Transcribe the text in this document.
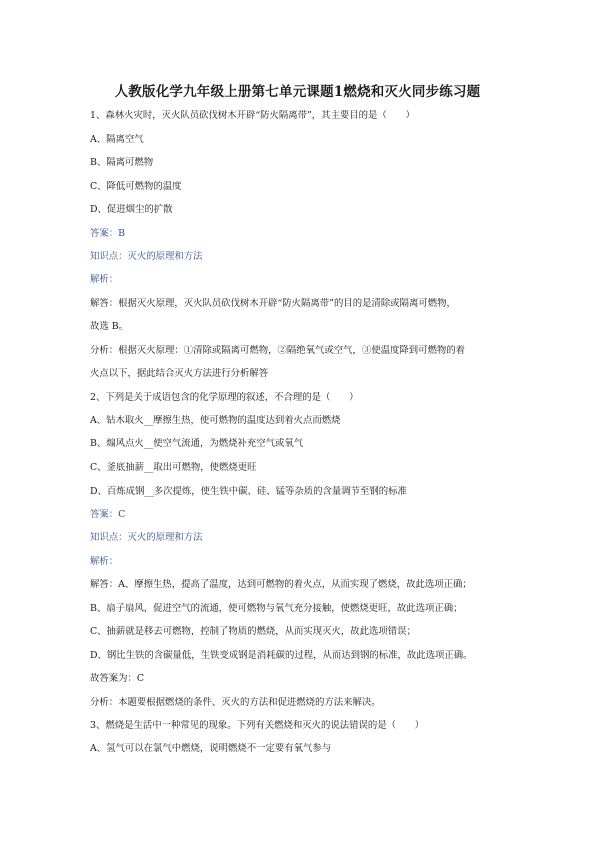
人教版化学九年级上册第七单元课题1燃烧和灭火同步练习题
1、森林火灾时，灭火队员砍伐树木开辟“防火隔离带”，其主要目的是（　　）
A、隔离空气
B、隔离可燃物
C、降低可燃物的温度
D、促进烟尘的扩散
答案：B
知识点：灭火的原理和方法
解析：
解答：根据灭火原理，灭火队员砍伐树木开辟“防火隔离带”的目的是清除或隔离可燃物，
故选 B。
分析：根据灭火原理：①清除或隔离可燃物，②隔绝氧气或空气，③使温度降到可燃物的着
火点以下，据此结合灭火方法进行分析解答
2、下列是关于成语包含的化学原理的叙述，不合理的是（　　）
A、钻木取火__摩擦生热，使可燃物的温度达到着火点而燃烧
B、煽风点火__使空气流通，为燃烧补充空气或氧气
C、釜底抽薪__取出可燃物，使燃烧更旺
D、百炼成钢__多次提炼，使生铁中碳、硅、锰等杂质的含量调节至钢的标准
答案：C
知识点：灭火的原理和方法
解析：
解答：A、摩擦生热，提高了温度，达到可燃物的着火点，从而实现了燃烧，故此选项正确；
B、扇子扇风，促进空气的流通，使可燃物与氧气充分接触，使燃烧更旺，故此选项正确；
C、抽薪就是移去可燃物，控制了物质的燃烧，从而实现灭火，故此选项错误；
D、钢比生铁的含碳量低，生铁变成钢是消耗碳的过程，从而达到钢的标准，故此选项正确。
故答案为：C
分析：本题要根据燃烧的条件、灭火的方法和促进燃烧的方法来解决。
3、燃烧是生活中一种常见的现象。下列有关燃烧和灭火的说法错误的是（　　）
A、氢气可以在氯气中燃烧，说明燃烧不一定要有氧气参与
